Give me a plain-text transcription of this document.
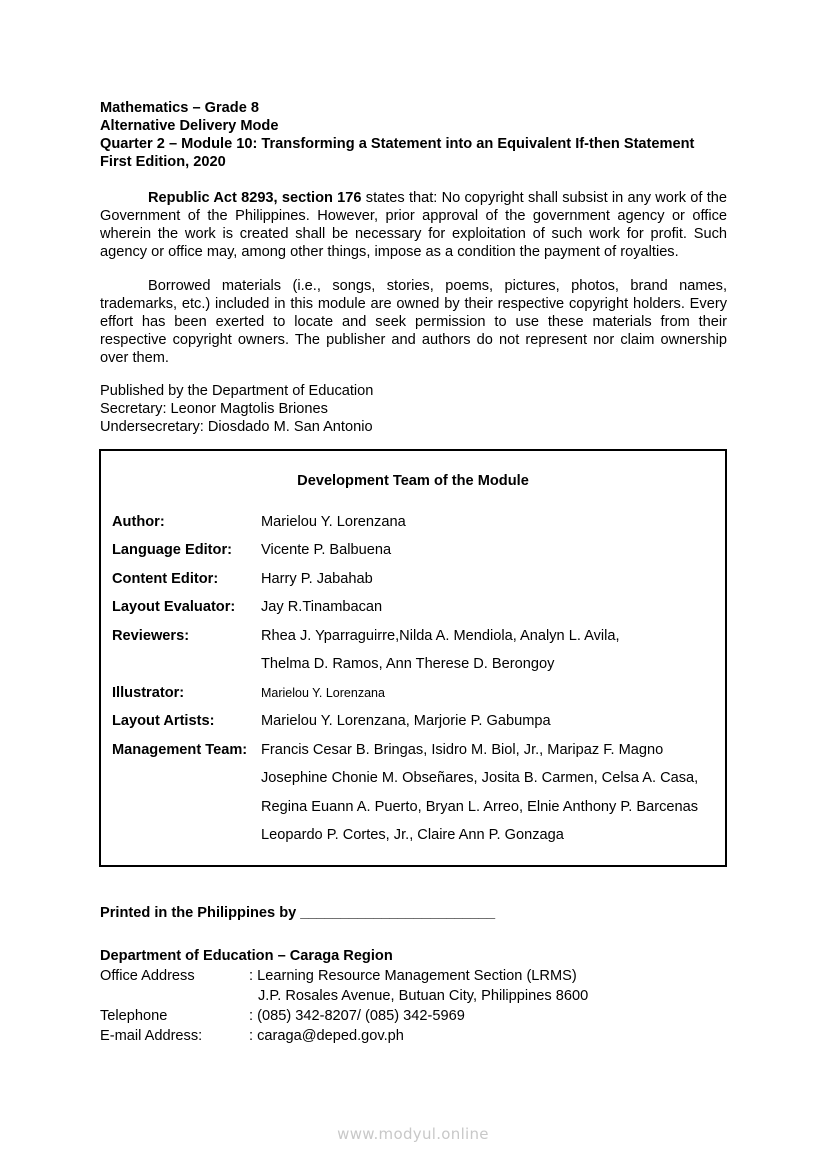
Mathematics – Grade 8
Alternative Delivery Mode
Quarter 2 – Module 10: Transforming a Statement into an Equivalent If-then Statement
First Edition, 2020
Republic Act 8293, section 176 states that: No copyright shall subsist in any work of the Government of the Philippines. However, prior approval of the government agency or office wherein the work is created shall be necessary for exploitation of such work for profit. Such agency or office may, among other things, impose as a condition the payment of royalties.
Borrowed materials (i.e., songs, stories, poems, pictures, photos, brand names, trademarks, etc.) included in this module are owned by their respective copyright holders. Every effort has been exerted to locate and seek permission to use these materials from their respective copyright owners. The publisher and authors do not represent nor claim ownership over them.
Published by the Department of Education
Secretary: Leonor Magtolis Briones
Undersecretary: Diosdado M. San Antonio
Development Team of the Module
Author:	Marielou Y. Lorenzana
Language Editor: Vicente P. Balbuena
Content Editor:	Harry P. Jabahab
Layout Evaluator: Jay R.Tinambacan
Reviewers:	Rhea J. Yparraguirre,Nilda A. Mendiola, Analyn L. Avila,
Thelma D. Ramos, Ann Therese D. Berongoy
Illustrator:	Marielou Y. Lorenzana
Layout Artists:	Marielou Y. Lorenzana, Marjorie P. Gabumpa
Management Team: Francis Cesar B. Bringas, Isidro M. Biol, Jr., Maripaz F. Magno
Josephine Chonie M. Obseñares, Josita B. Carmen, Celsa A. Casa,
Regina Euann A. Puerto, Bryan L. Arreo, Elnie Anthony P. Barcenas
Leopardo P. Cortes, Jr., Claire Ann P. Gonzaga
Printed in the Philippines by ________________________
Department of Education – Caraga Region
Office Address	: Learning Resource Management Section (LRMS)
J.P. Rosales Avenue, Butuan City, Philippines 8600
Telephone	: (085) 342-8207/ (085) 342-5969
E-mail Address:	: caraga@deped.gov.ph
www.modyul.online
